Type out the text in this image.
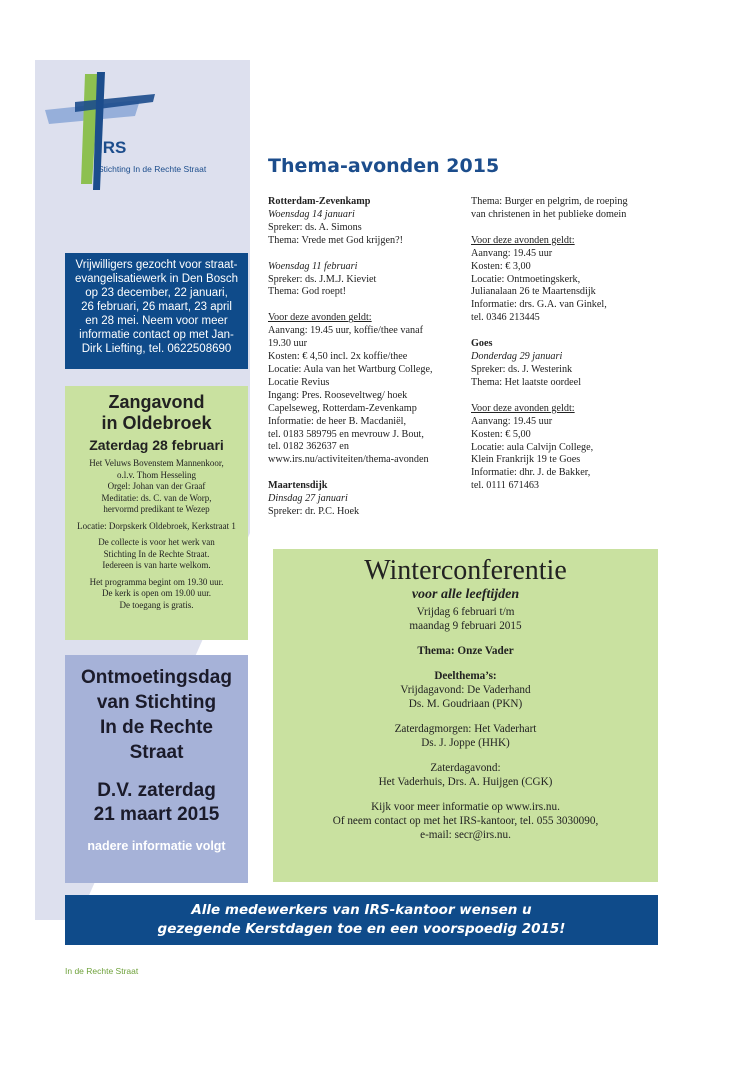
IRS
Stichting In de Rechte Straat	Thema-avonden 2015
Vrijwilligers gezocht voor straat-
evangelisatiewerk in Den Bosch
op 23 december, 22 januari,
26 februari, 26 maart, 23 april
en 28 mei. Neem voor meer
informatie contact op met Jan-
Dirk Liefting, tel. 0622508690
Zangavond
in Oldebroek
Zaterdag 28 februari

Het Veluws Bovenstem Mannenkoor,
o.l.v. Thom Hesseling
Orgel: Johan van der Graaf
Meditatie: ds. C. van de Worp,
hervormd predikant te Wezep

Locatie: Dorpskerk Oldebroek, Kerkstraat 1

De collecte is voor het werk van
Stichting In de Rechte Straat.
Iedereen is van harte welkom.

Het programma begint om 19.30 uur.
De kerk is open om 19.00 uur.
De toegang is gratis.

Ontmoetingsdag
van Stichting
In de Rechte
Straat
D.V. zaterdag
21 maart 2015
nadere informatie volgt
Rotterdam-Zevenkamp
Woensdag 14 januari
Spreker: ds. A. Simons
Thema: Vrede met God krijgen?!
Woensdag 11 februari
Spreker: ds. J.M.J. Kieviet
Thema: God roept!
Voor deze avonden geldt:
Aanvang: 19.45 uur, koffie/thee vanaf
19.30 uur
Kosten: € 4,50 incl. 2x koffie/thee
Locatie: Aula van het Wartburg College,
Locatie Revius
Ingang: Pres. Rooseveltweg/ hoek
Capelseweg, Rotterdam-Zevenkamp
Informatie: de heer B. Macdaniël,
tel. 0183 589795 en mevrouw J. Bout,
tel. 0182 362637 en
www.irs.nu/activiteiten/thema-avonden
Maartensdijk
Dinsdag 27 januari
Spreker: dr. P.C. Hoek
Thema: Burger en pelgrim, de roeping
van christenen in het publieke domein
Voor deze avonden geldt:
Aanvang: 19.45 uur
Kosten: € 3,00
Locatie: Ontmoetingskerk,
Julianalaan 26 te Maartensdijk
Informatie: drs. G.A. van Ginkel,
tel. 0346 213445
Goes
Donderdag 29 januari
Spreker: ds. J. Westerink
Thema: Het laatste oordeel
Voor deze avonden geldt:
Aanvang: 19.45 uur
Kosten: € 5,00
Locatie: aula Calvijn College,
Klein Frankrijk 19 te Goes
Informatie: dhr. J. de Bakker,
tel. 0111 671463
Winterconferentie
voor alle leeftijden

Vrijdag 6 februari t/m

maandag 9 februari 2015

Thema: Onze Vader

Deelthema’s:

Vrijdagavond: De Vaderhand

Ds. M. Goudriaan (PKN)

Zaterdagmorgen: Het Vaderhart

Ds. J. Joppe (HHK)

Zaterdagavond:

Het Vaderhuis, Drs. A. Huijgen (CGK)

Kijk voor meer informatie op www.irs.nu.

Of neem contact op met het IRS-kantoor, tel. 055 3030090,

e-mail: secr@irs.nu.

Alle medewerkers van IRS-kantoor wensen u
gezegende Kerstdagen toe en een voorspoedig 2015!
In de Rechte Straat
